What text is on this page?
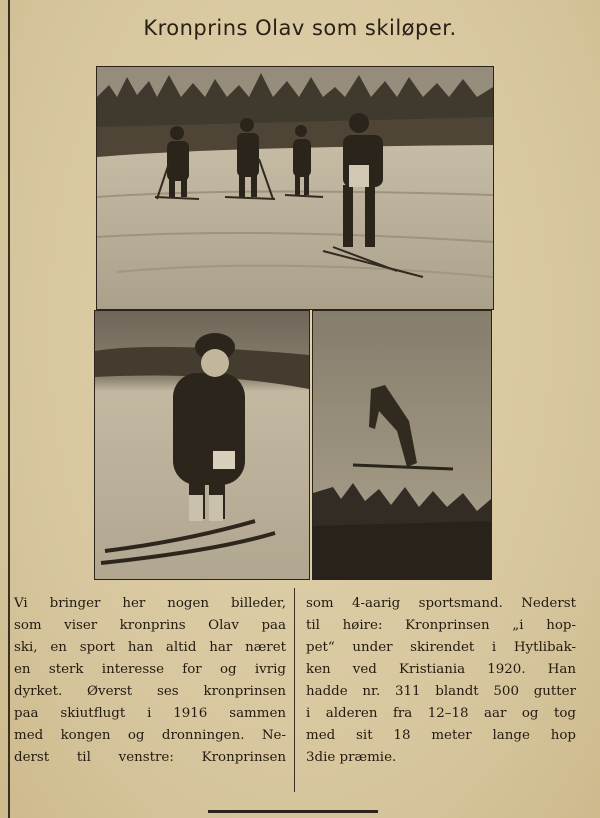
Kronprins Olav som skiløper.
Vi bringer her nogen billeder,
som viser kronprins Olav paa
ski, en sport han altid har næret
en sterk interesse for og ivrig
dyrket. Øverst ses kronprinsen
paa skiutflugt i 1916 sammen
med kongen og dronningen. Ne-
derst til venstre: Kronprinsen
som 4-aarig sportsmand. Nederst
til høire: Kronprinsen „i hop-
pet“ under skirendet i Hytlibak-
ken ved Kristiania 1920. Han
hadde nr. 311 blandt 500 gutter
i alderen fra 12–18 aar og tog
med sit 18 meter lange hop
3die præmie.
